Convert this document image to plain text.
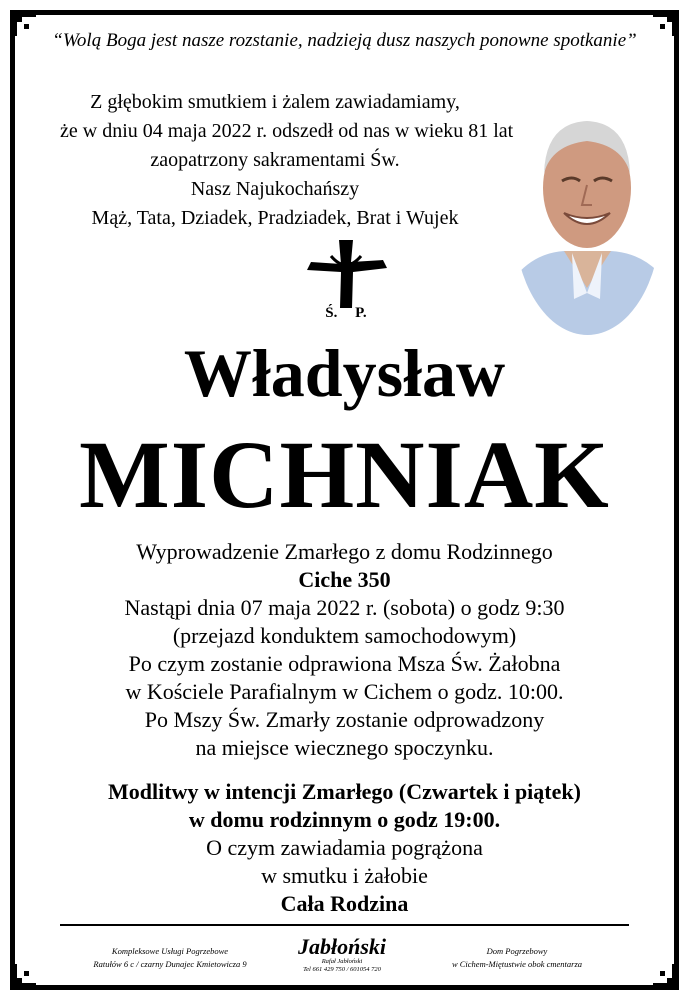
“Wolą Boga jest nasze rozstanie, nadzieją dusz naszych ponowne spotkanie”
Z głębokim smutkiem i żalem zawiadamiamy,
że w dniu 04 maja 2022 r. odszedł od nas w wieku 81 lat
zaopatrzony sakramentami Św.
Nasz Najukochańszy
Mąż, Tata, Dziadek, Pradziadek, Brat i Wujek
Ś. P.
Władysław
MICHNIAK
Wyprowadzenie Zmarłego z domu Rodzinnego
Ciche 350
Nastąpi dnia 07 maja 2022 r. (sobota) o godz 9:30
(przejazd konduktem samochodowym)
Po czym zostanie odprawiona Msza Św. Żałobna
w Kościele Parafialnym w Cichem o godz. 10:00.
Po Mszy Św. Zmarły zostanie odprowadzony
na miejsce wiecznego spoczynku.
Modlitwy w intencji Zmarłego (Czwartek i piątek)
w domu rodzinnym o godz 19:00.
O czym zawiadamia pogrążona
w smutku i żałobie
Cała Rodzina
Kompleksowe Usługi Pogrzebowe
Ratułów 6 c / czarny Dunajec Kmietowicza 9
Jabłoński
Rafał Jabłoński
Tel 661 429 750 / 601054 720
Dom Pogrzebowy
w Cichem-Miętustwie obok cmentarza
